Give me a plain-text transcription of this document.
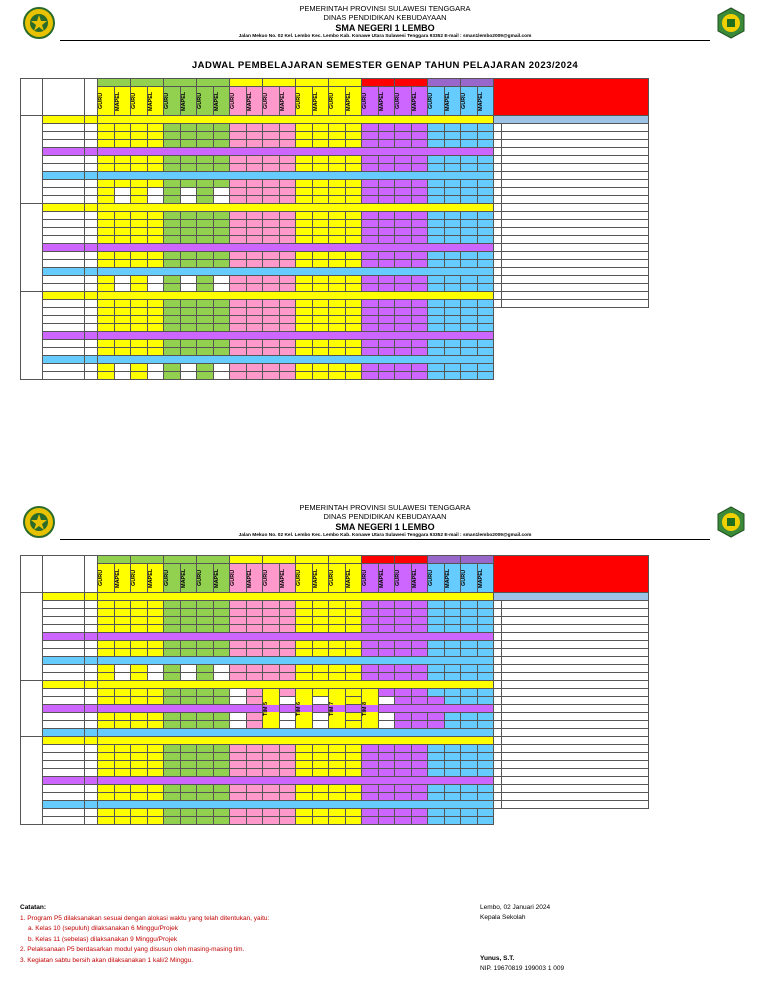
PEMERINTAH PROVINSI SULAWESI TENGGARA
DINAS PENDIDIKAN KEBUDAYAAN
SMA NEGERI 1 LEMBO
Jalan Mekuo No. 02 Kel. Lembo Kec. Lembo Kab. Konawe Utara Sulawesi Tenggara 93352 E-mail : sman1lembo2009@gmail.com
JADWAL PEMBELAJARAN SEMESTER GENAP TAHUN PELAJARAN 2023/2024

			GURU	MAPEL	GURU	MAPEL	GURU	MAPEL	GURU	MAPEL	GURU	MAPEL	GURU	MAPEL	GURU	MAPEL	GURU	MAPEL	GURU	MAPEL	GURU	MAPEL	GURU	MAPEL	GURU	MAPEL		

PEMERINTAH PROVINSI SULAWESI TENGGARA
DINAS PENDIDIKAN KEBUDAYAAN
SMA NEGERI 1 LEMBO
Jalan Mekuo No. 02 Kel. Lembo Kec. Lembo Kab. Konawe Utara Sulawesi Tenggara 93352 E-mail : sman1lembo2009@gmail.com

			GURU	MAPEL	GURU	MAPEL	GURU	MAPEL	GURU	MAPEL	GURU	MAPEL	GURU	MAPEL	GURU	MAPEL	GURU	MAPEL	GURU	MAPEL	GURU	MAPEL	GURU	MAPEL	GURU	MAPEL		

													TIM 5		TIM 6		TIM 7		TIM 8									

Catatan:
1. Program P5 dilaksanakan sesuai dengan alokasi waktu yang telah ditentukan, yaitu:
a. Kelas 10 (sepuluh) dilaksanakan 6 Minggu/Projek
b. Kelas 11 (sebelas) dilaksanakan 9 Minggu/Projek
2. Pelaksanaan P5 berdasarkan modul yang disusun oleh masing-masing tim.
3. Kegiatan sabtu bersih akan dilaksanakan 1 kali/2 Minggu.
Lembo, 02 Januari 2024
Kepala Sekolah
Yunus, S.T.
NIP. 19670819 199003 1 009
